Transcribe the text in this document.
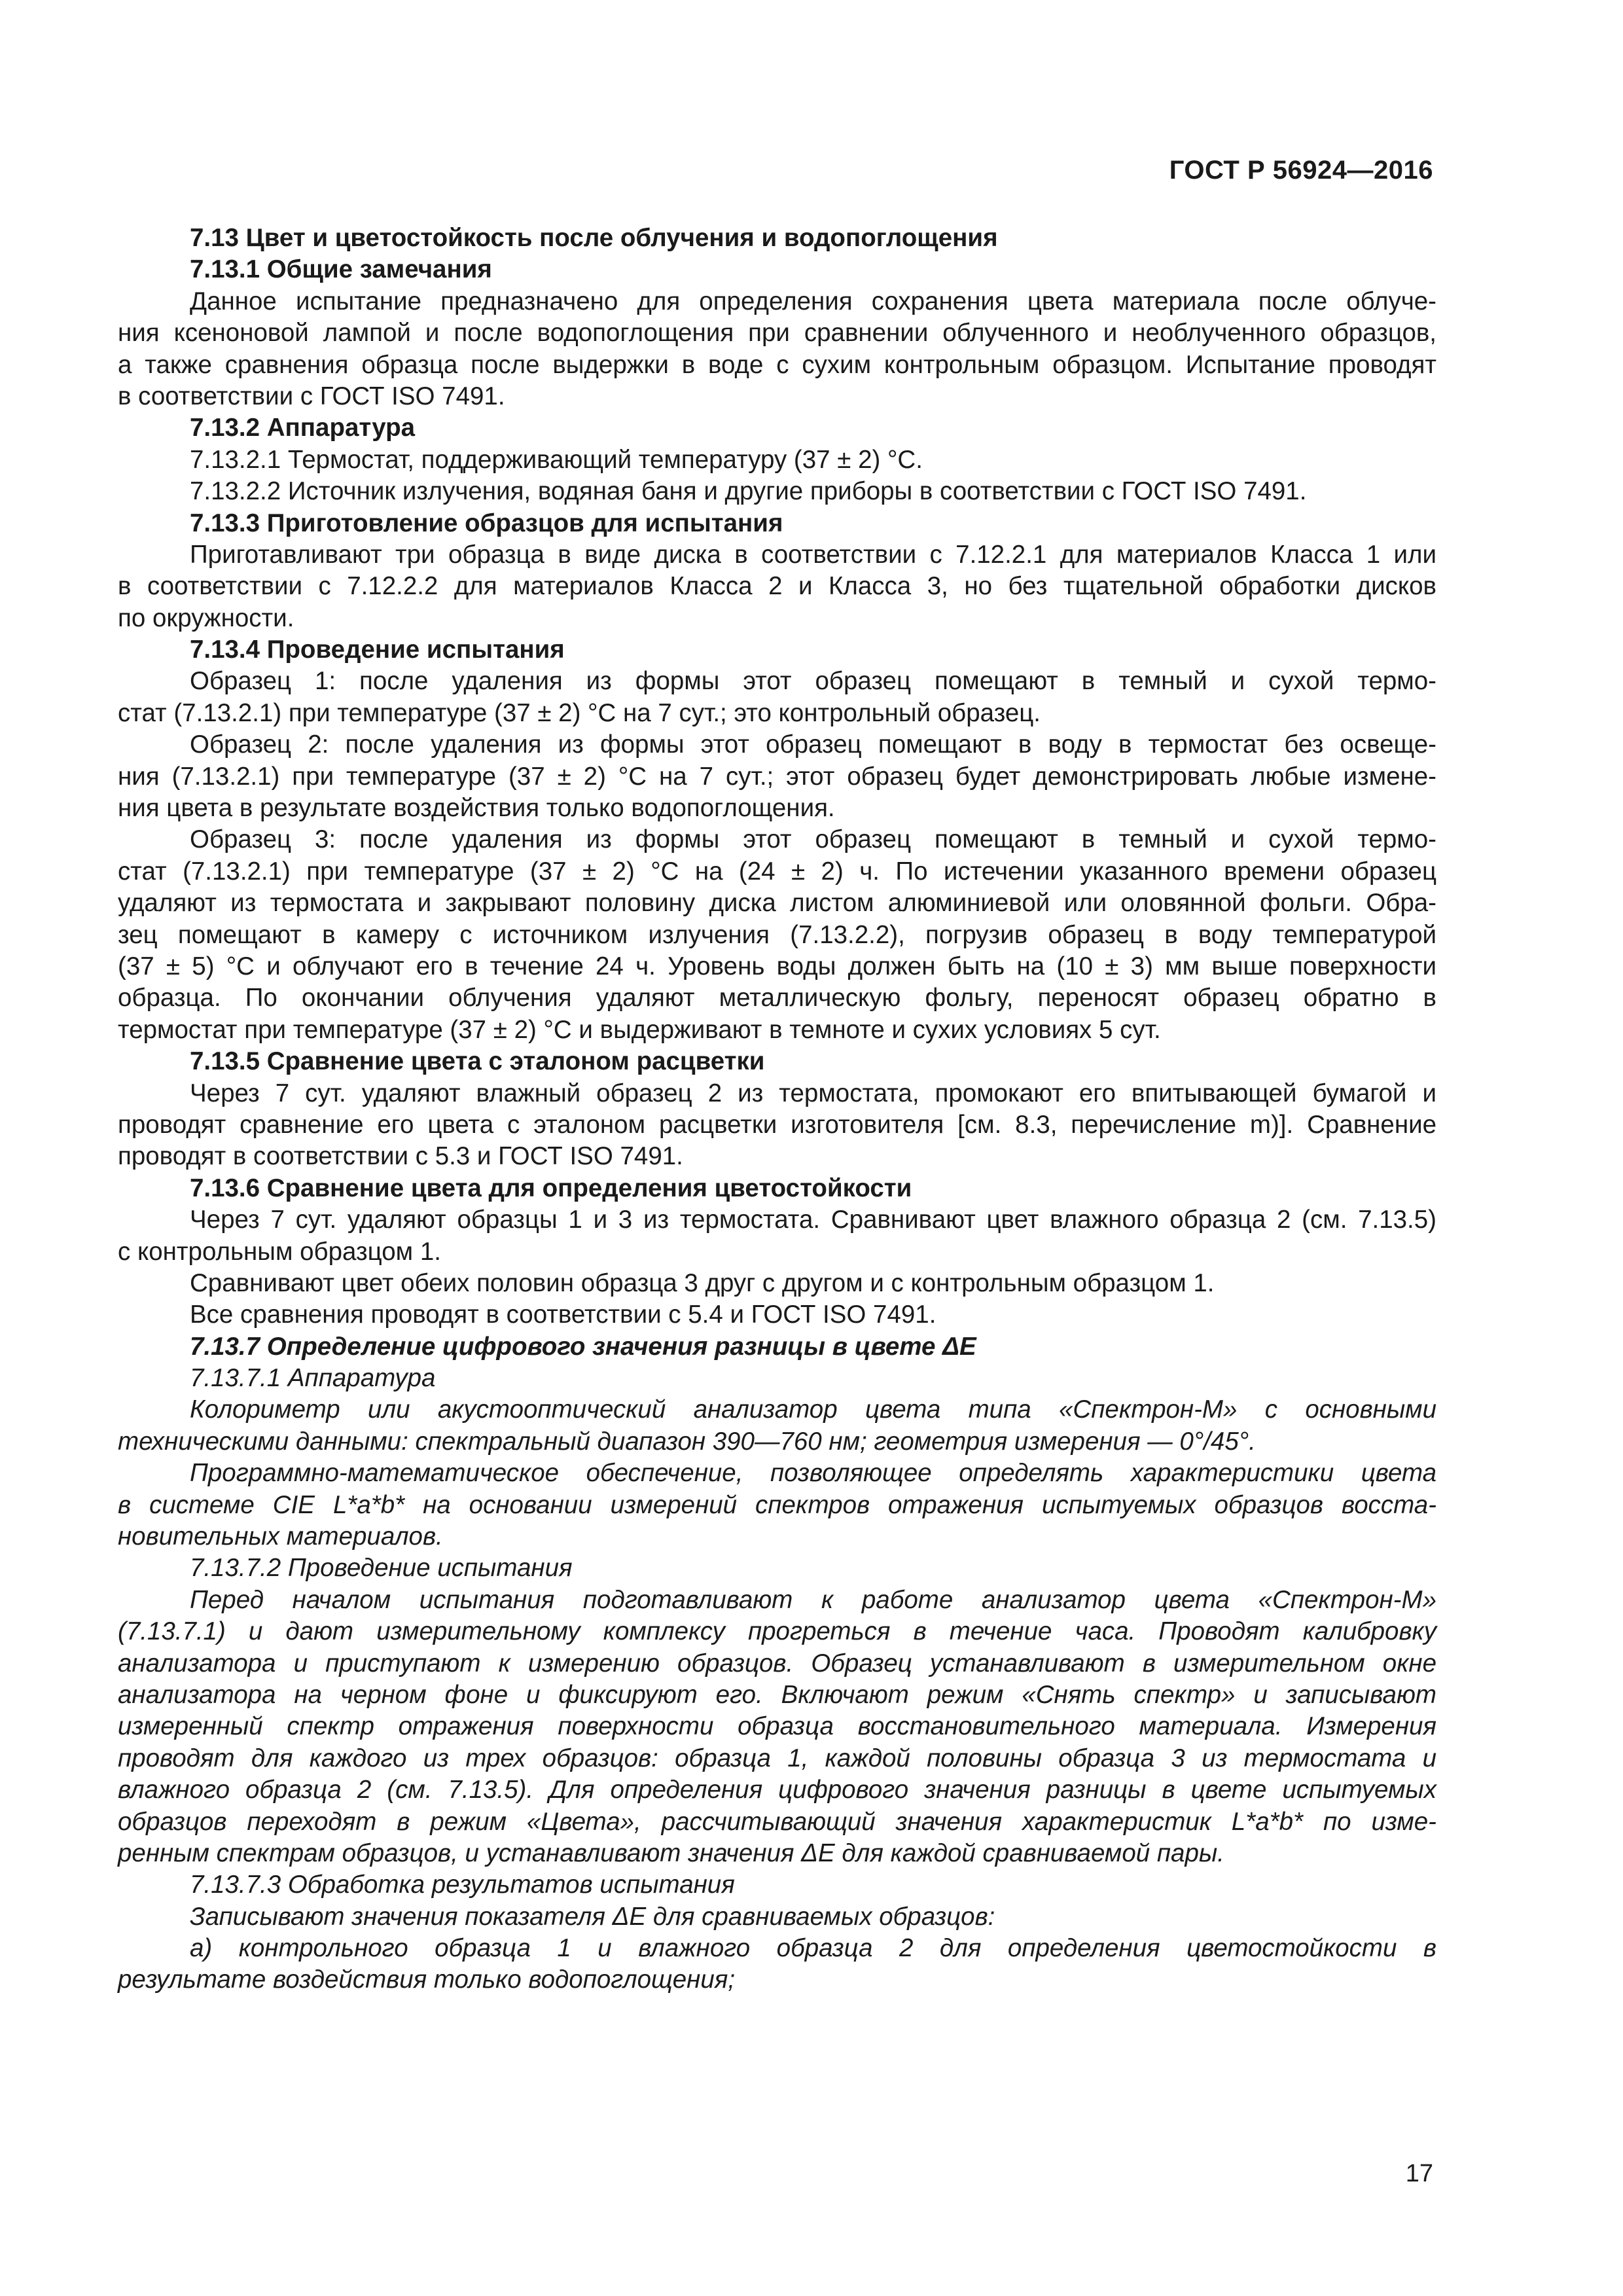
ГОСТ Р 56924—2016
7.13 Цвет и цветостойкость после облучения и водопоглощения
7.13.1 Общие замечания
Данное испытание предназначено для определения сохранения цвета материала после облуче-
ния ксеноновой лампой и после водопоглощения при сравнении облученного и необлученного образцов,
а также сравнения образца после выдержки в воде с сухим контрольным образцом. Испытание проводят
в соответствии с ГОСТ ISO 7491.
7.13.2 Аппаратура
7.13.2.1 Термостат, поддерживающий температуру (37 ± 2) °С.
7.13.2.2 Источник излучения, водяная баня и другие приборы в соответствии с ГОСТ ISO 7491.
7.13.3 Приготовление образцов для испытания
Приготавливают три образца в виде диска в соответствии с 7.12.2.1 для материалов Класса 1 или
в соответствии с 7.12.2.2 для материалов Класса 2 и Класса 3, но без тщательной обработки дисков
по окружности.
7.13.4 Проведение испытания
Образец 1: после удаления из формы этот образец помещают в темный и сухой термо-
стат (7.13.2.1) при температуре (37 ± 2) °С на 7 сут.; это контрольный образец.
Образец 2: после удаления из формы этот образец помещают в воду в термостат без освеще-
ния (7.13.2.1) при температуре (37 ± 2) °С на 7 сут.; этот образец будет демонстрировать любые измене-
ния цвета в результате воздействия только водопоглощения.
Образец 3: после удаления из формы этот образец помещают в темный и сухой термо-
стат (7.13.2.1) при температуре (37 ± 2) °С на (24 ± 2) ч. По истечении указанного времени образец
удаляют из термостата и закрывают половину диска листом алюминиевой или оловянной фольги. Обра-
зец помещают в камеру с источником излучения (7.13.2.2), погрузив образец в воду температурой
(37 ± 5) °С и облучают его в течение 24 ч. Уровень воды должен быть на (10 ± 3) мм выше поверхности
образца. По окончании облучения удаляют металлическую фольгу, переносят образец обратно в
термостат при температуре (37 ± 2) °С и выдерживают в темноте и сухих условиях 5 сут.
7.13.5 Сравнение цвета с эталоном расцветки
Через 7 сут. удаляют влажный образец 2 из термостата, промокают его впитывающей бумагой и
проводят сравнение его цвета с эталоном расцветки изготовителя [см. 8.3, перечисление m)]. Сравнение
проводят в соответствии с 5.3 и ГОСТ ISO 7491.
7.13.6 Сравнение цвета для определения цветостойкости
Через 7 сут. удаляют образцы 1 и 3 из термостата. Сравнивают цвет влажного образца 2 (см. 7.13.5)
с контрольным образцом 1.
Сравнивают цвет обеих половин образца 3 друг с другом и с контрольным образцом 1.
Все сравнения проводят в соответствии с 5.4 и ГОСТ ISO 7491.
7.13.7 Определение цифрового значения разницы в цвете ΔE
7.13.7.1 Аппаратура
Колориметр или акустооптический анализатор цвета типа «Спектрон-М» с основными
техническими данными: спектральный диапазон 390—760 нм; геометрия измерения — 0°/45°.
Программно-математическое обеспечение, позволяющее определять характеристики цвета
в системе CIE L*a*b* на основании измерений спектров отражения испытуемых образцов восста-
новительных материалов.
7.13.7.2 Проведение испытания
Перед началом испытания подготавливают к работе анализатор цвета «Спектрон-М»
(7.13.7.1) и дают измерительному комплексу прогреться в течение часа. Проводят калибровку
анализатора и приступают к измерению образцов. Образец устанавливают в измерительном окне
анализатора на черном фоне и фиксируют его. Включают режим «Снять спектр» и записывают
измеренный спектр отражения поверхности образца восстановительного материала. Измерения
проводят для каждого из трех образцов: образца 1, каждой половины образца 3 из термостата и
влажного образца 2 (см. 7.13.5). Для определения цифрового значения разницы в цвете испытуемых
образцов переходят в режим «Цвета», рассчитывающий значения характеристик L*a*b* по изме-
ренным спектрам образцов, и устанавливают значения ΔE для каждой сравниваемой пары.
7.13.7.3 Обработка результатов испытания
Записывают значения показателя ΔE для сравниваемых образцов:
а) контрольного образца 1 и влажного образца 2 для определения цветостойкости в
результате воздействия только водопоглощения;
17
